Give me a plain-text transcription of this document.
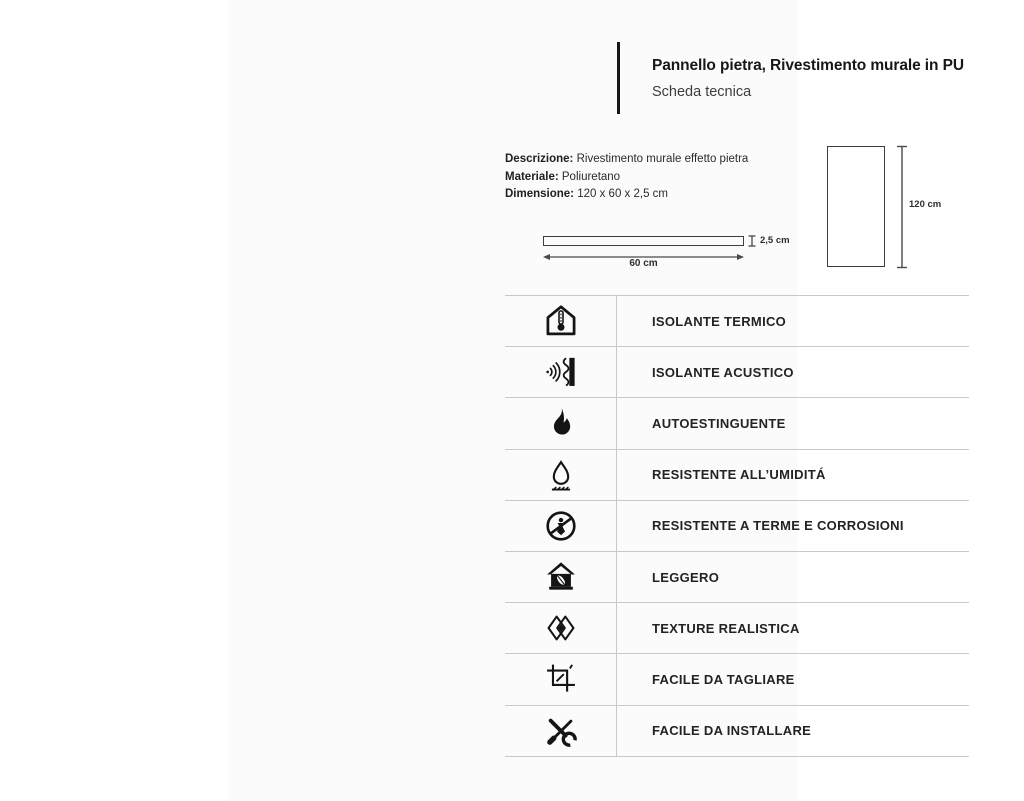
Pannello pietra, Rivestimento murale in PU
Scheda tecnica
Descrizione: Rivestimento murale effetto pietra
Materiale: Poliuretano
Dimensione: 120 x 60 x 2,5 cm
120 cm
2,5 cm
60 cm
ISOLANTE TERMICO
ISOLANTE ACUSTICO
AUTOESTINGUENTE
RESISTENTE ALL’UMIDITÁ
RESISTENTE A TERME E CORROSIONI
LEGGERO
TEXTURE REALISTICA
FACILE DA TAGLIARE
FACILE DA INSTALLARE
